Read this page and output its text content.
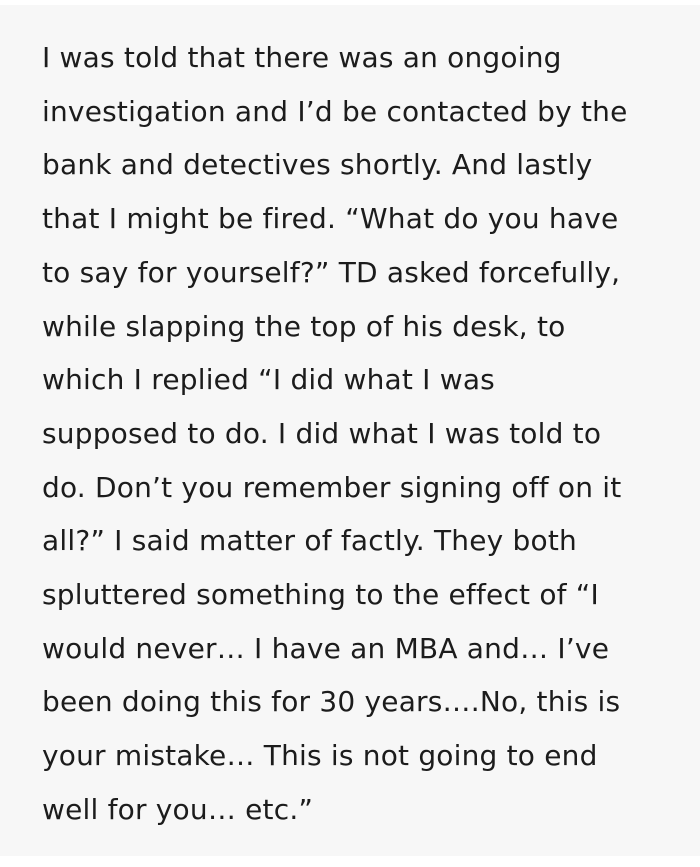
I was told that there was an ongoing
investigation and I’d be contacted by the
bank and detectives shortly. And lastly
that I might be fired. “What do you have
to say for yourself?” TD asked forcefully,
while slapping the top of his desk, to
which I replied “I did what I was
supposed to do. I did what I was told to
do. Don’t you remember signing off on it
all?” I said matter of factly. They both
spluttered something to the effect of “I
would never… I have an MBA and… I’ve
been doing this for 30 years….No, this is
your mistake… This is not going to end
well for you… etc.”
